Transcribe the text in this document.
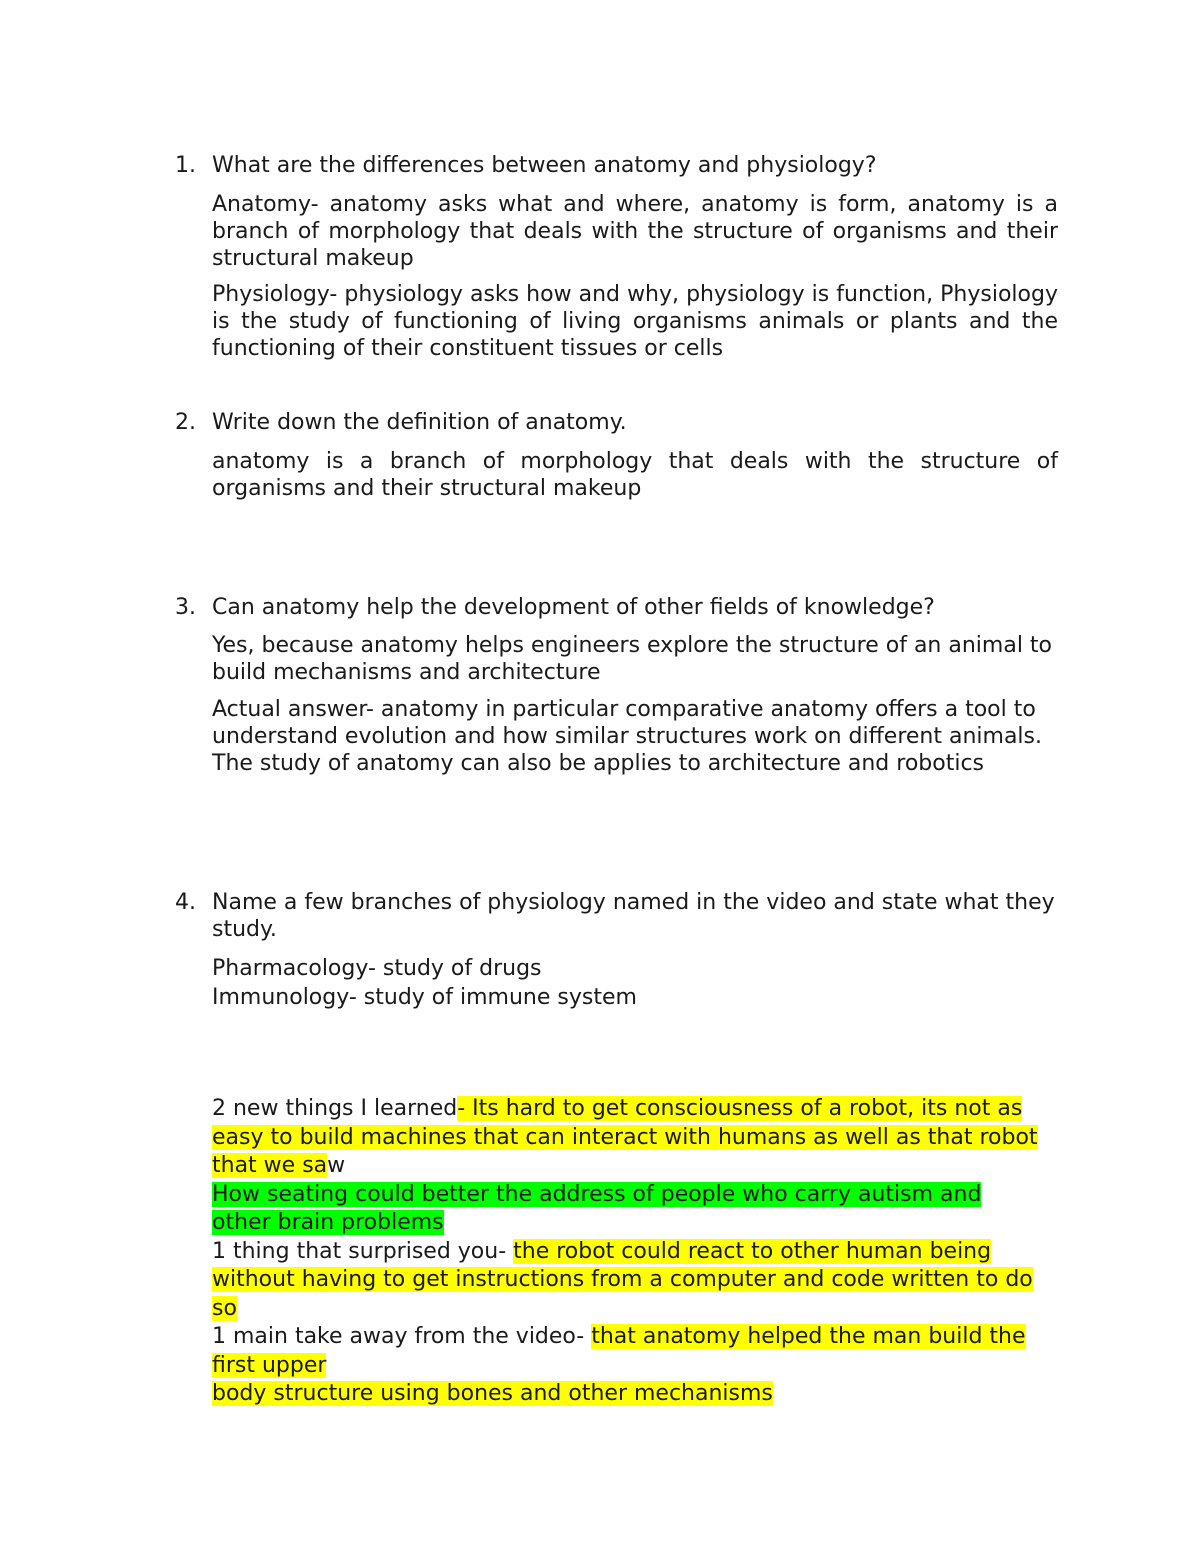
1. What are the differences between anatomy and physiology?
Anatomy- anatomy asks what and where, anatomy is form, anatomy is a branch of morphology that deals with the structure of organisms and their structural makeup
Physiology- physiology asks how and why, physiology is function, Physiology is the study of functioning of living organisms animals or plants and the functioning of their constituent tissues or cells
2. Write down the definition of anatomy.
anatomy is a branch of morphology that deals with the structure of organisms and their structural makeup
3. Can anatomy help the development of other fields of knowledge?
Yes, because anatomy helps engineers explore the structure of an animal to build mechanisms and architecture
Actual answer- anatomy in particular comparative anatomy offers a tool to understand evolution and how similar structures work on different animals. The study of anatomy can also be applies to architecture and robotics
4. Name a few branches of physiology named in the video and state what they study.
Pharmacology- study of drugs
Immunology- study of immune system
2 new things I learned- Its hard to get consciousness of a robot, its not as
easy to build machines that can interact with humans as well as that robot
that we saw
How seating could better the address of people who carry autism and
other brain problems
1 thing that surprised you- the robot could react to other human being
without having to get instructions from a computer and code written to do
so
1 main take away from the video- that anatomy helped the man build the
first upper
body structure using bones and other mechanisms
